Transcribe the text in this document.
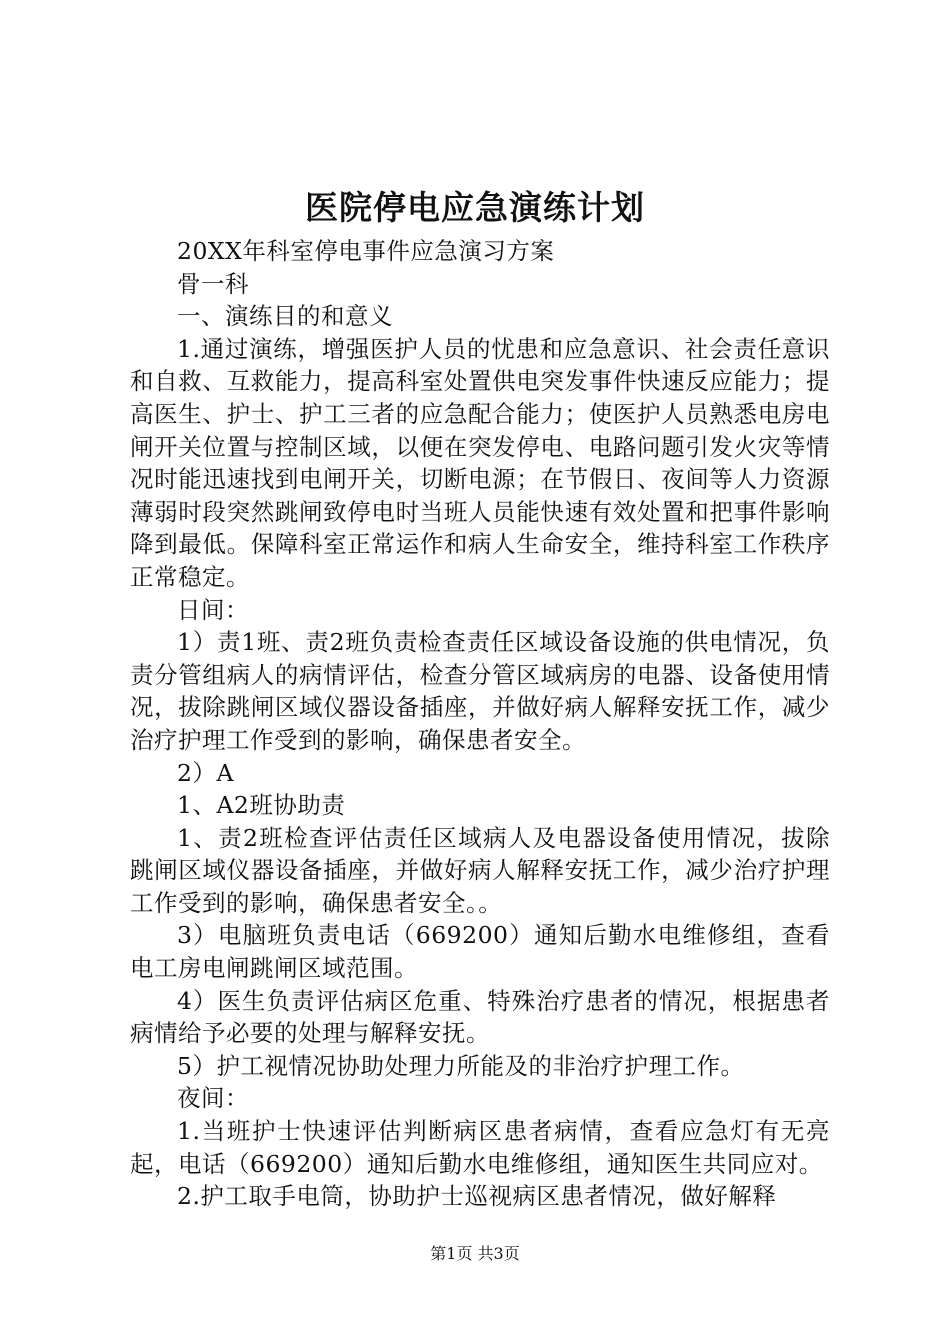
医院停电应急演练计划

20XX年科室停电事件应急演习方案

骨一科

一、演练目的和意义

1.通过演练，增强医护人员的忧患和应急意识、社会责任意识和自救、互救能力，提高科室处置供电突发事件快速反应能力；提高医生、护士、护工三者的应急配合能力；使医护人员熟悉电房电闸开关位置与控制区域，以便在突发停电、电路问题引发火灾等情况时能迅速找到电闸开关，切断电源；在节假日、夜间等人力资源薄弱时段突然跳闸致停电时当班人员能快速有效处置和把事件影响降到最低。保障科室正常运作和病人生命安全，维持科室工作秩序正常稳定。

日间：

1）责1班、责2班负责检查责任区域设备设施的供电情况，负责分管组病人的病情评估，检查分管区域病房的电器、设备使用情况，拔除跳闸区域仪器设备插座，并做好病人解释安抚工作，减少治疗护理工作受到的影响，确保患者安全。

2）A

1、A2班协助责

1、责2班检查评估责任区域病人及电器设备使用情况，拔除跳闸区域仪器设备插座，并做好病人解释安抚工作，减少治疗护理工作受到的影响，确保患者安全。。

3）电脑班负责电话（669200）通知后勤水电维修组，查看电工房电闸跳闸区域范围。

4）医生负责评估病区危重、特殊治疗患者的情况，根据患者病情给予必要的处理与解释安抚。

5）护工视情况协助处理力所能及的非治疗护理工作。

夜间：

1.当班护士快速评估判断病区患者病情，查看应急灯有无亮起，电话（669200）通知后勤水电维修组，通知医生共同应对。

2.护工取手电筒，协助护士巡视病区患者情况，做好解释

第1页 共3页
